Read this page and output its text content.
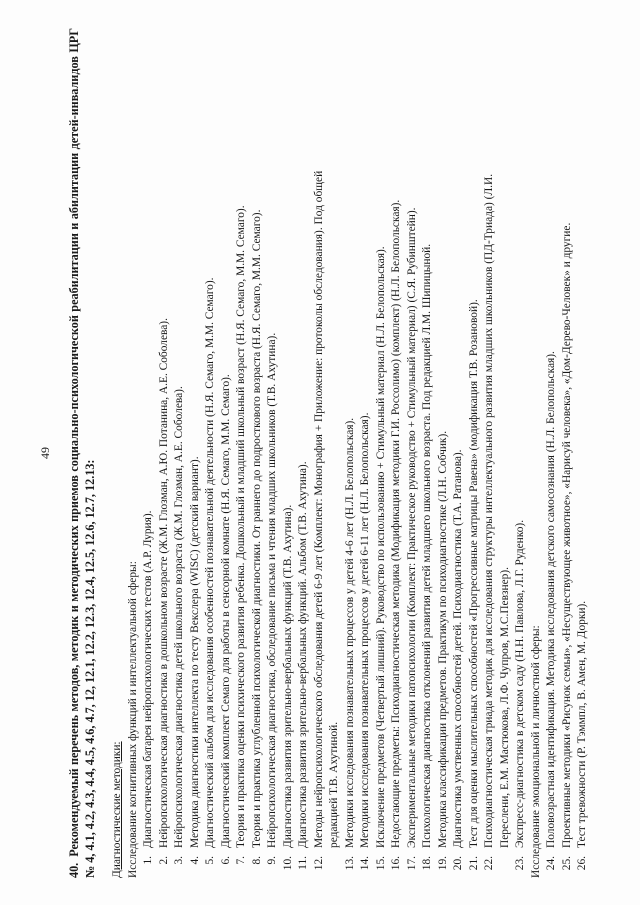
49
40.Рекомендуемый перечень методов, методик и методических приемов социально-психологической реабилитации и абилитации детей-инвалидов ЦРГ № 4, 4.1, 4.2, 4.3, 4.4, 4.5, 4.6, 4.7, 12, 12.1, 12.2, 12.3, 12.4, 12.5, 12.6, 12.7, 12.13: Диагностические методики: Исследование когнитивных функций и интеллектуальной сферы: 1.
Диагностическая батарея нейропсихологических тестов (А.Р. Лурия).
2.
Нейропсихологическая диагностика в дошкольном возрасте (Ж.М. Глозман, А.Ю. Потанина, А.Е. Соболева).
3.
Нейропсихологическая диагностика детей школьного возраста (Ж.М. Глозман, А.Е. Соболева).
4.
Методика диагностики интеллекта по тесту Векслера (WISC) (детский вариант).
5.
Диагностический альбом для исследования особенностей познавательной деятельности (Н.Я. Семаго, М.М. Семаго).
6.
Диагностический комплект Семаго для работы в сенсорной комнате (Н.Я. Семаго, М.М. Семаго).
7.
Теория и практика оценки психического развития ребенка. Дошкольный и младший школьный возраст (Н.Я. Семаго, М.М. Семаго).
8.
Теория и практика углубленной психологической диагностики. От раннего до подросткового возраста (Н.Я. Семаго, М.М. Семаго).
9.
Нейропсихологическая диагностика, обследование письма и чтения младших школьников (Т.В. Ахутина).
10.
Диагностика развития зрительно-вербальных функций (Т.В. Ахутина).
11.
Диагностика развития зрительно-вербальных функций. Альбом (Т.В. Ахутина).
12.
Методы нейропсихологического обследования детей 6-9 лет (Комплект: Монография + Приложение: протоколы обследования). Под общей редакцией Т.В. Ахутиной.
13.
Методики исследования познавательных процессов у детей 4-6 лет (Н.Л. Белопольская).
14.
Методики исследования познавательных процессов у детей 6-11 лет (Н.Л. Белопольская).
15.
Исключение предметов (Четвертый лишний). Руководство по использованию + Стимульный материал (Н.Л. Белопольская).
16.
Недостающие предметы: Психодиагностическая методика (Модификация методики Г.И. Россолимо) (комплект) (Н.Л. Белопольская).
17.
Экспериментальные методики патопсихологии (Комплект: Практическое руководство + Стимульный материал) (С.Я. Рубинштейн).
18.
Психологическая диагностика отклонений развития детей младшего школьного возраста. Под редакцией Л.М. Шипицыной.
19.
Методика классификации предметов. Практикум по психодиагностике (Л.Н. Собчик).
20.
Диагностика умственных способностей детей. Психодиагностика (Т.А. Ратанова).
21.
Тест для оценки мыслительных способностей «Прогрессивные матрицы Равена» (модификация Т.В. Розановой).
22.
Психодиагностическая триада методик для исследования структуры интеллектуального развития младших школьников (ПД-Триада) (Л.И. Переслени, Е.М. Мастюкова, Л.Ф. Чупров, М.С.Певзнер).
23.
Экспресс-диагностика в детском саду (Н.Н. Павлова, Л.Г. Руденко). Исследование эмоциональной и личностной сферы: 24.
Половозрастная идентификация. Методика исследования детского самосознания (Н.Л. Белопольская).
25.
Проективные методики «Рисунок семьи», «Несуществующее животное», «Нарисуй человека», «Дом-Дерево-Человек» и другие.
26.
Тест тревожности (Р. Тэммпл, В. Амен, М. Дорки).
